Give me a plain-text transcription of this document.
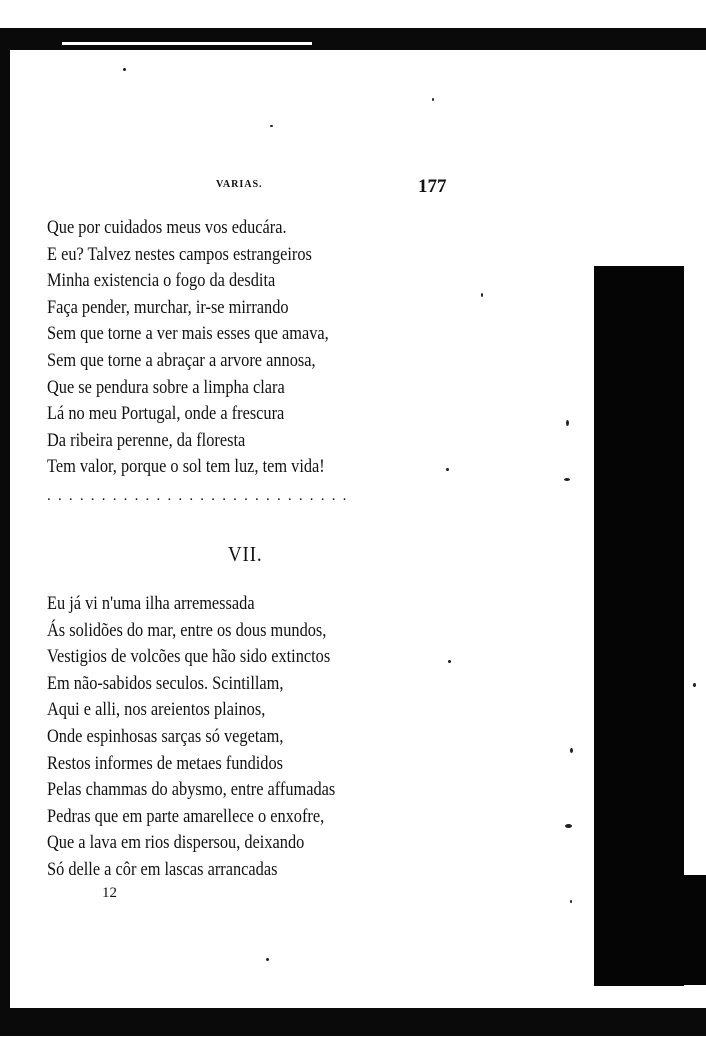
VARIAS.	177
Que por cuidados meus vos educára.
E eu? Talvez nestes campos estrangeiros
Minha existencia o fogo da desdita
Faça pender, murchar, ir-se mirrando
Sem que torne a ver mais esses que amava,
Sem que torne a abraçar a arvore annosa,
Que se pendura sobre a limpha clara
Lá no meu Portugal, onde a frescura
Da ribeira perenne, da floresta
Tem valor, porque o sol tem luz, tem vida!
............................
VII.
Eu já vi n'uma ilha arremessada
Ás solidões do mar, entre os dous mundos,
Vestigios de volcões que hão sido extinctos
Em não-sabidos seculos. Scintillam,
Aqui e alli, nos areientos plainos,
Onde espinhosas sarças só vegetam,
Restos informes de metaes fundidos
Pelas chammas do abysmo, entre affumadas
Pedras que em parte amarellece o enxofre,
Que a lava em rios dispersou, deixando
Só delle a côr em lascas arrancadas
12
